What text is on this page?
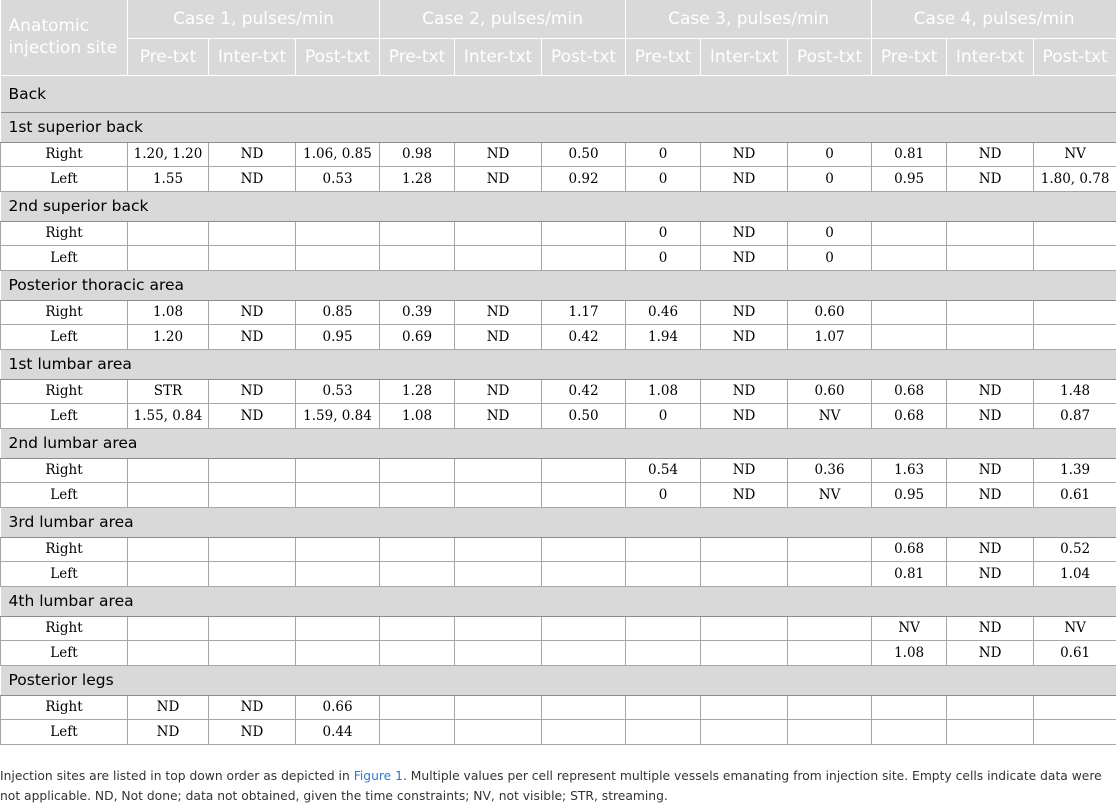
Anatomic injection site	Case 1, pulses/min			Case 2, pulses/min			Case 3, pulses/min			Case 4, pulses/min		
	Pre-txt	Inter-txt	Post-txt	Pre-txt	Inter-txt	Post-txt	Pre-txt	Inter-txt	Post-txt	Pre-txt	Inter-txt	Post-txt
Back												
1st superior back												
Right	1.20, 1.20	ND	1.06, 0.85	0.98	ND	0.50	0	ND	0	0.81	ND	NV
Left	1.55	ND	0.53	1.28	ND	0.92	0	ND	0	0.95	ND	1.80, 0.78
2nd superior back												
Right							0	ND	0			
Left							0	ND	0			
Posterior thoracic area												
Right	1.08	ND	0.85	0.39	ND	1.17	0.46	ND	0.60			
Left	1.20	ND	0.95	0.69	ND	0.42	1.94	ND	1.07			
1st lumbar area												
Right	STR	ND	0.53	1.28	ND	0.42	1.08	ND	0.60	0.68	ND	1.48
Left	1.55, 0.84	ND	1.59, 0.84	1.08	ND	0.50	0	ND	NV	0.68	ND	0.87
2nd lumbar area												
Right							0.54	ND	0.36	1.63	ND	1.39
Left							0	ND	NV	0.95	ND	0.61
3rd lumbar area												
Right										0.68	ND	0.52
Left										0.81	ND	1.04
4th lumbar area												
Right										NV	ND	NV
Left										1.08	ND	0.61
Posterior legs												
Right	ND	ND	0.66									
Left	ND	ND	0.44									
Injection sites are listed in top down order as depicted in Figure 1. Multiple values per cell represent multiple vessels emanating from injection site. Empty cells indicate data were not applicable. ND, Not done; data not obtained, given the time constraints; NV, not visible; STR, streaming.
